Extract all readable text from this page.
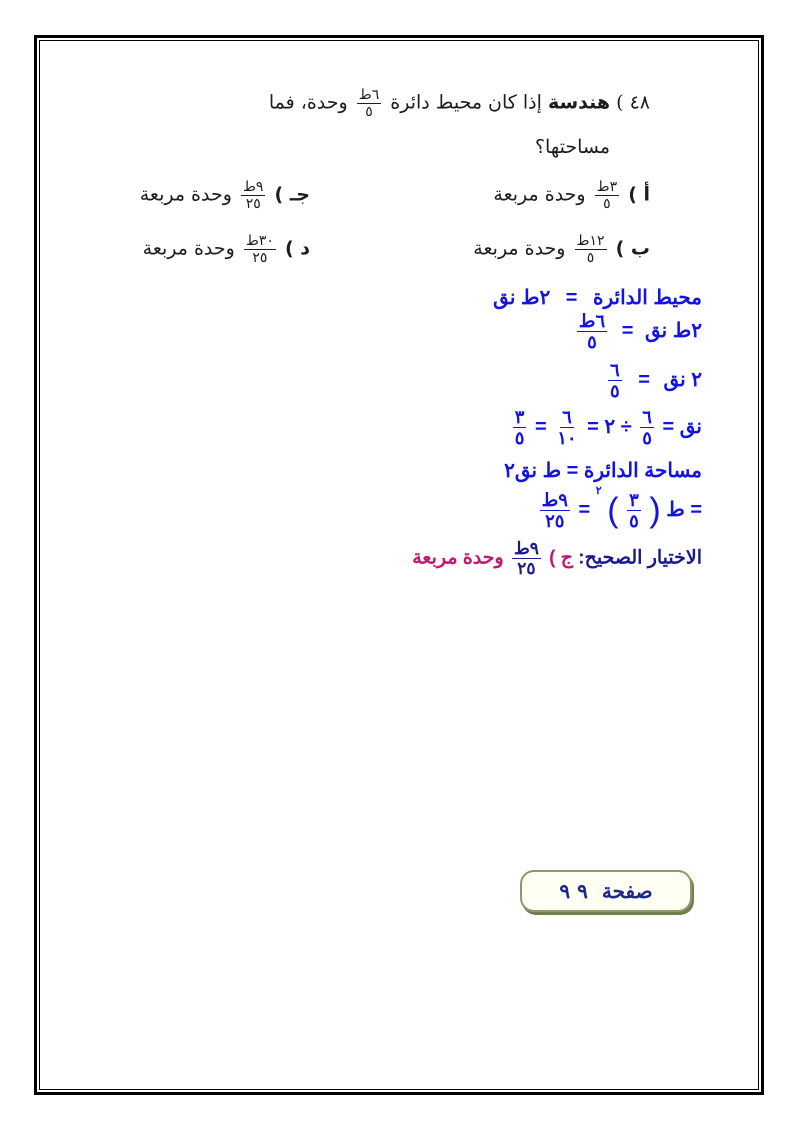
٤٨ ) هندسة إذا كان محيط دائرة
$\frac{\text{٦ط}}{٥}$
وحدة، فما
مساحتها؟
أ )
$\frac{\text{٣ط}}{٥}$
وحدة مربعة
جـ )
$\frac{\text{٩ط}}{٢٥}$
وحدة مربعة
ب )
$\frac{\text{١٢ط}}{٥}$
وحدة مربعة
د )
$\frac{\text{٣٠ط}}{٢٥}$
وحدة مربعة
محيط الدائرة = ٢ط نق
٢ط نق =
$\frac{\text{٦ط}}{٥}$
٢ نق =
$\frac{٦}{٥}$
نق =
$\frac{٦}{٥}$
÷ ٢ =
$\frac{٦}{١٠}$
=
$\frac{٣}{٥}$
مساحة الدائرة = ط نق٢
= ط (
$\frac{٣}{٥}$
) $^٢$ =
$\frac{\text{٩ط}}{٢٥}$
الاختيار الصحيح: ج )
$\frac{\text{٩ط}}{٢٥}$
وحدة مربعة
صفحة
٩ ٩
